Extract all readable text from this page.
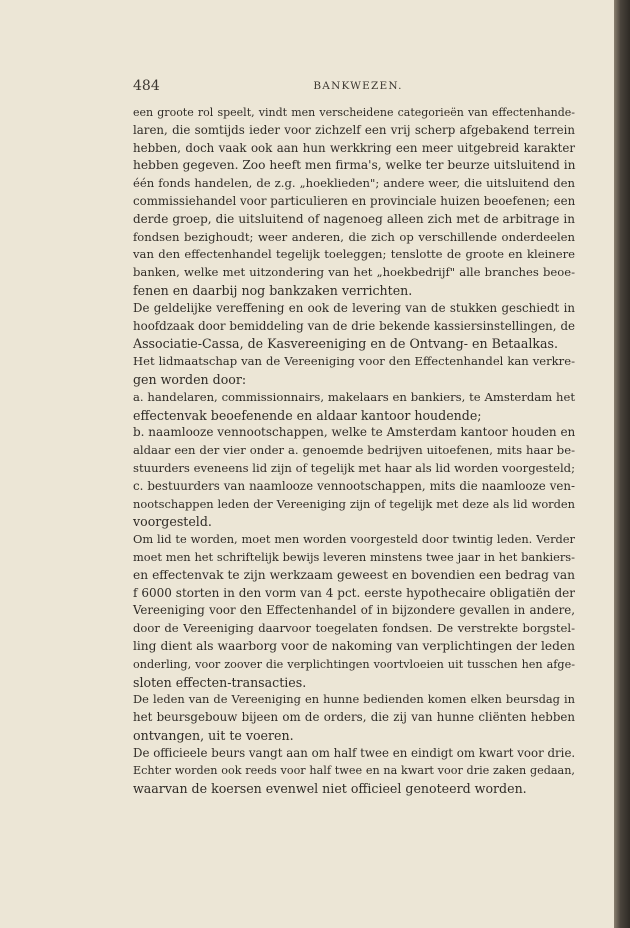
484	BANKWEZEN.
een groote rol speelt, vindt men verscheidene categorieën van effectenhande-
laren, die somtijds ieder voor zichzelf een vrij scherp afgebakend terrein
hebben, doch vaak ook aan hun werkkring een meer uitgebreid karakter
hebben gegeven. Zoo heeft men firma's, welke ter beurze uitsluitend in
één fonds handelen, de z.g. „hoeklieden"; andere weer, die uitsluitend den
commissiehandel voor particulieren en provinciale huizen beoefenen; een
derde groep, die uitsluitend of nagenoeg alleen zich met de arbitrage in
fondsen bezighoudt; weer anderen, die zich op verschillende onderdeelen
van den effectenhandel tegelijk toeleggen; tenslotte de groote en kleinere
banken, welke met uitzondering van het „hoekbedrijf" alle branches beoe-
fenen en daarbij nog bankzaken verrichten.
De geldelijke vereffening en ook de levering van de stukken geschiedt in
hoofdzaak door bemiddeling van de drie bekende kassiersinstellingen, de
Associatie-Cassa, de Kasvereeniging en de Ontvang- en Betaalkas.
Het lidmaatschap van de Vereeniging voor den Effectenhandel kan verkre-
gen worden door:
a. handelaren, commissionnairs, makelaars en bankiers, te Amsterdam het
effectenvak beoefenende en aldaar kantoor houdende;
b. naamlooze vennootschappen, welke te Amsterdam kantoor houden en
aldaar een der vier onder a. genoemde bedrijven uitoefenen, mits haar be-
stuurders eveneens lid zijn of tegelijk met haar als lid worden voorgesteld;
c. bestuurders van naamlooze vennootschappen, mits die naamlooze ven-
nootschappen leden der Vereeniging zijn of tegelijk met deze als lid worden
voorgesteld.
Om lid te worden, moet men worden voorgesteld door twintig leden. Verder
moet men het schriftelijk bewijs leveren minstens twee jaar in het bankiers-
en effectenvak te zijn werkzaam geweest en bovendien een bedrag van
f 6000 storten in den vorm van 4 pct. eerste hypothecaire obligatiën der
Vereeniging voor den Effectenhandel of in bijzondere gevallen in andere,
door de Vereeniging daarvoor toegelaten fondsen. De verstrekte borgstel-
ling dient als waarborg voor de nakoming van verplichtingen der leden
onderling, voor zoover die verplichtingen voortvloeien uit tusschen hen afge-
sloten effecten-transacties.
De leden van de Vereeniging en hunne bedienden komen elken beursdag in
het beursgebouw bijeen om de orders, die zij van hunne cliënten hebben
ontvangen, uit te voeren.
De officieele beurs vangt aan om half twee en eindigt om kwart voor drie.
Echter worden ook reeds voor half twee en na kwart voor drie zaken gedaan,
waarvan de koersen evenwel niet officieel genoteerd worden.
